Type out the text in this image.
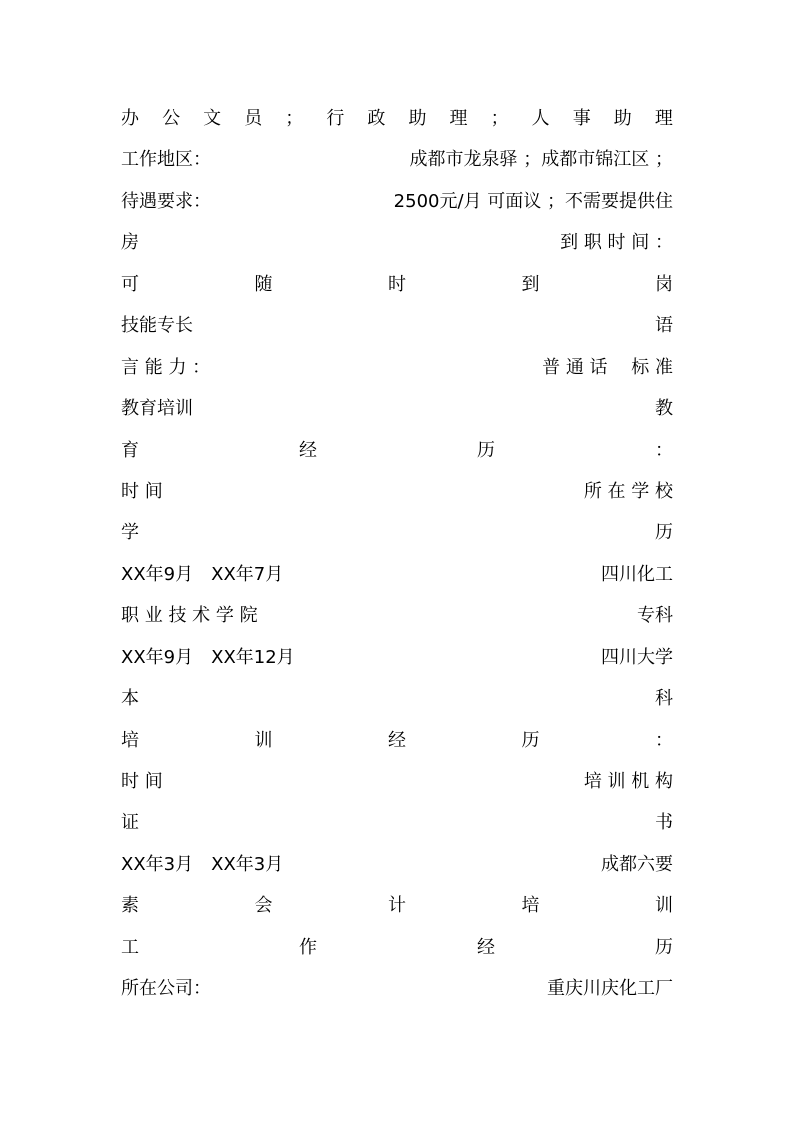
办 公 文 员 ； 行 政 助 理 ； 人 事 助 理
工作地区：	成都市龙泉驿 ；成都市锦江区 ；
待遇要求：	2500元/月 可面议 ；不需要提供住
房	到 职 时 间 ：
可	随	时	到	岗
技能专长	语
言 能 力 ：	普 通 话 　标 准
教育培训	教
育	经	历	：
时 间	所 在 学 校
学	历
XX年9月　XX年7月	四川化工
职 业 技 术 学 院	专科
XX年9月　XX年12月	四川大学
本	科
培	训	经	历	：
时 间	培 训 机 构
证	书
XX年3月　XX年3月	成都六要
素	会	计	培	训
工	作	经	历
所在公司：	重庆川庆化工厂
